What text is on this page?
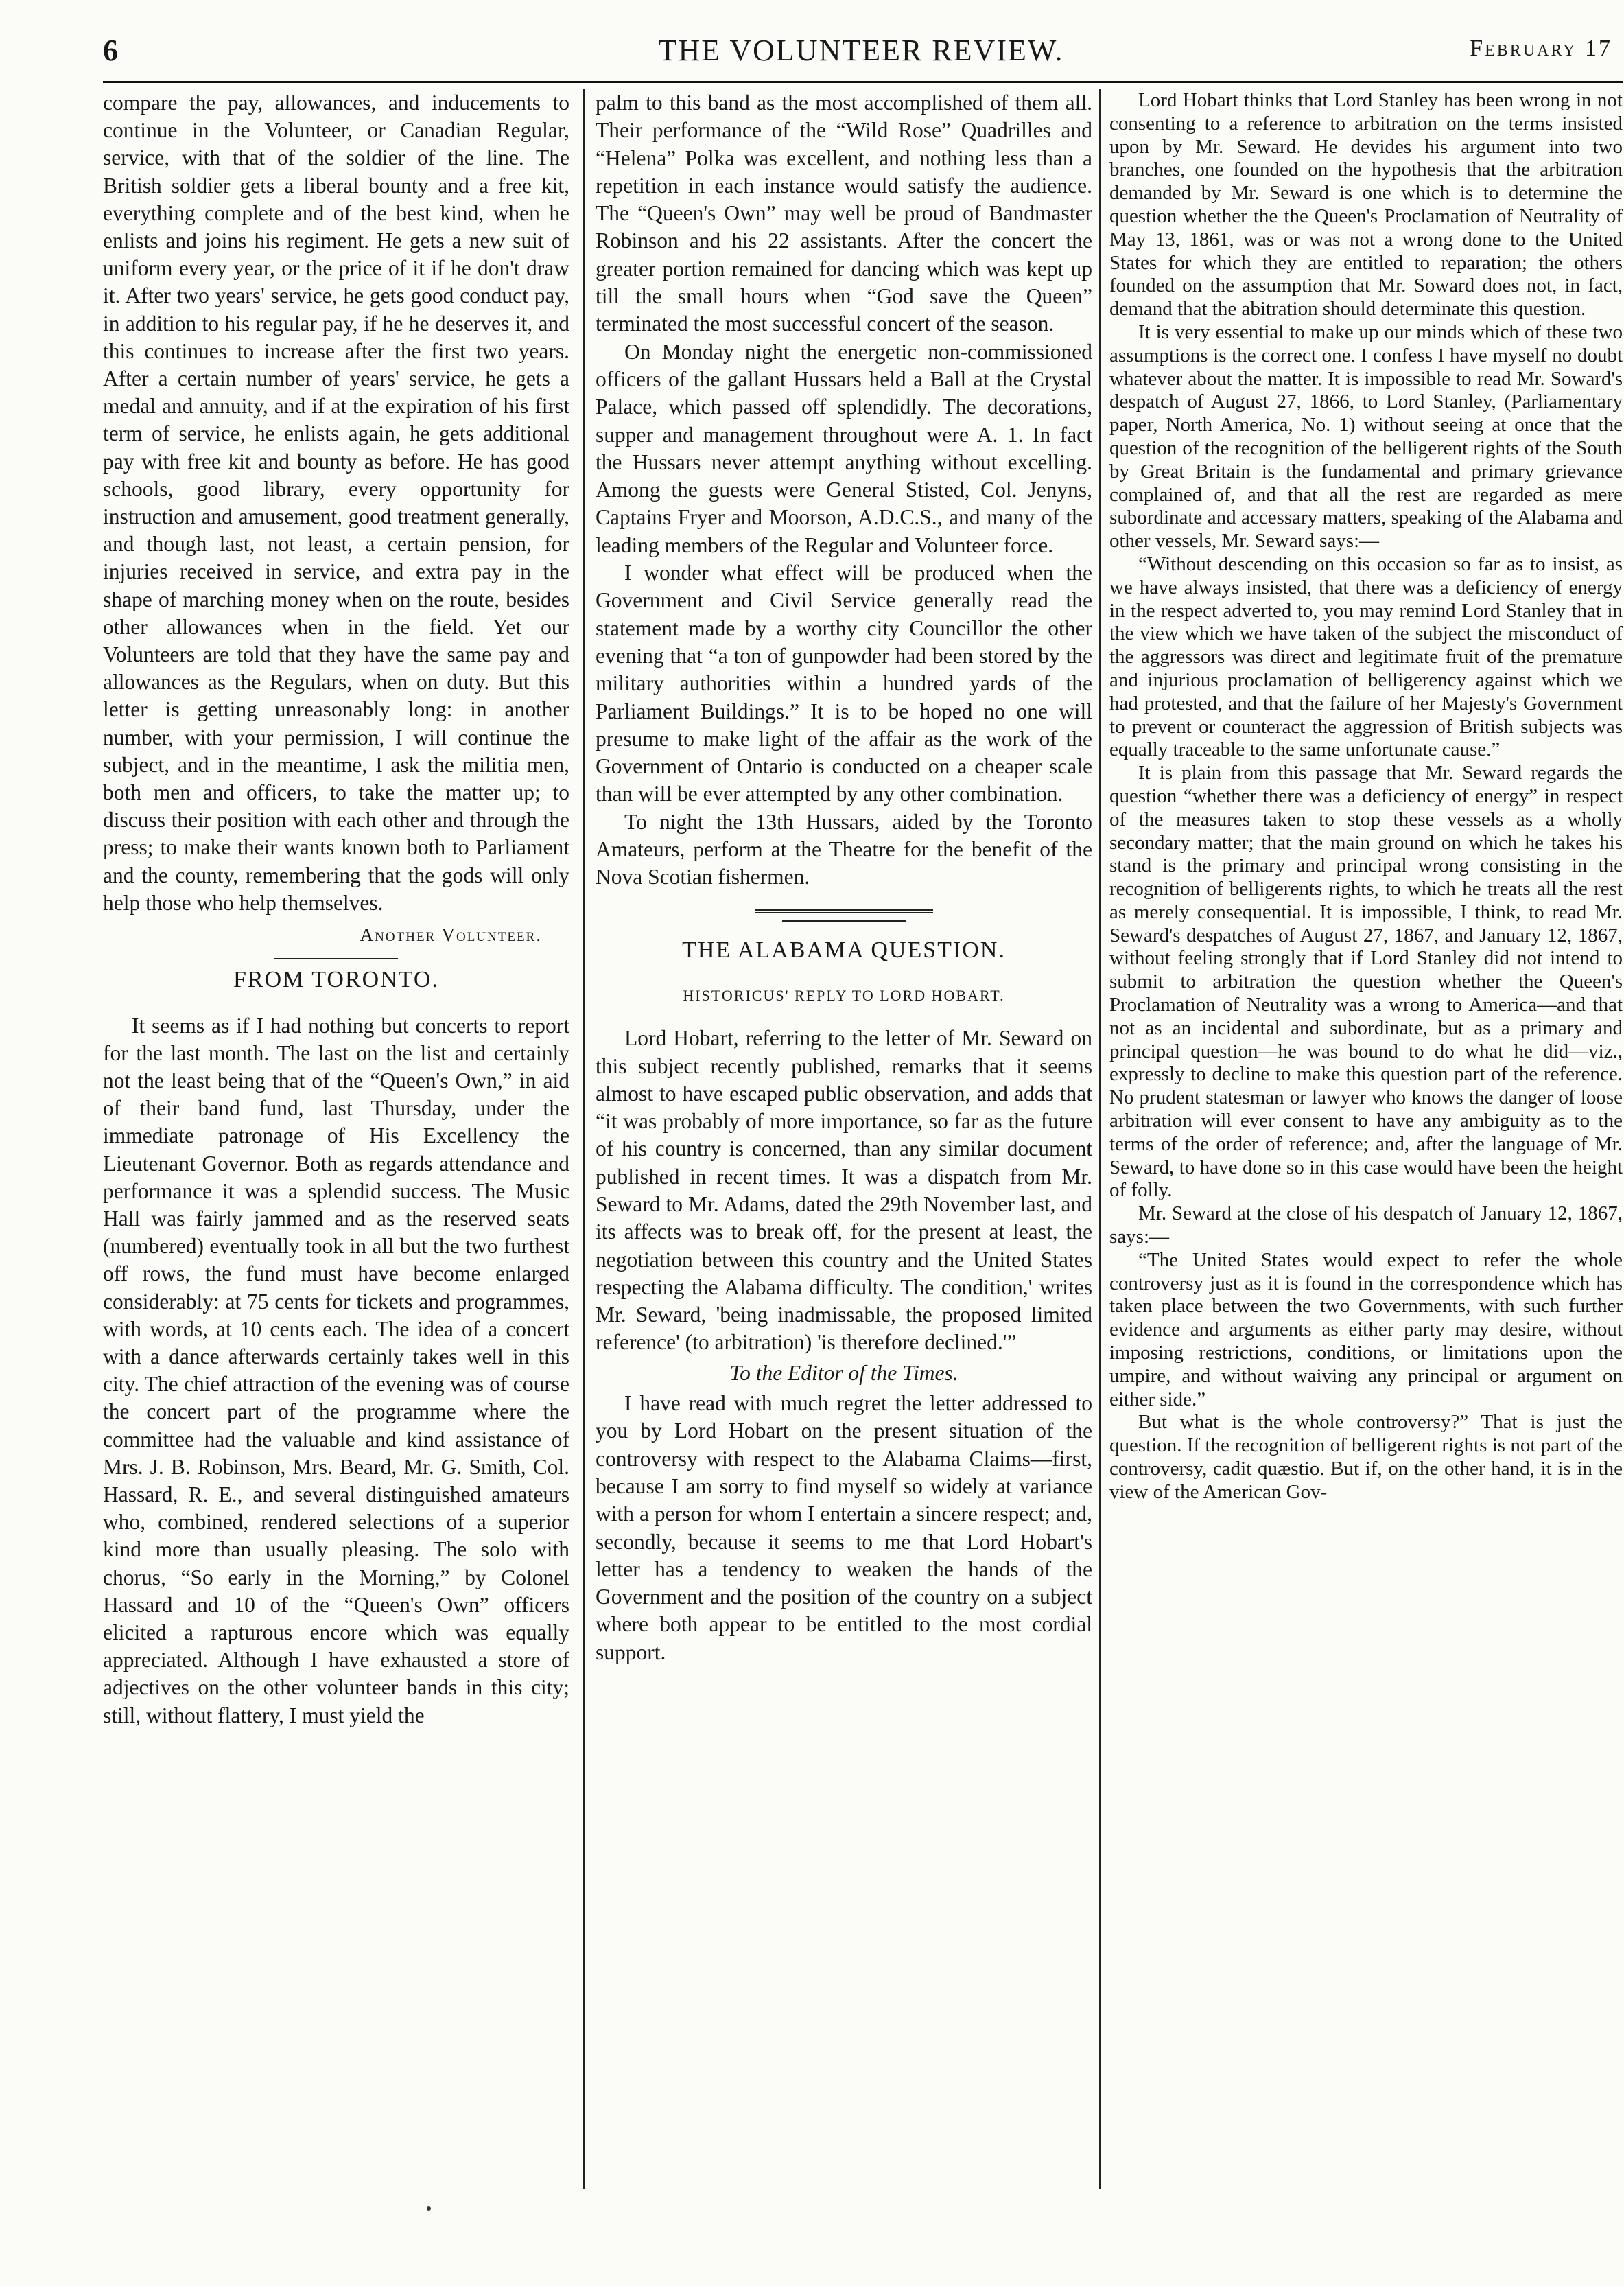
6	THE VOLUNTEER REVIEW.	February 17

compare the pay, allowances, and inducements to continue in the Volunteer, or Canadian Regular, service, with that of the soldier of the line. The British soldier gets a liberal bounty and a free kit, everything complete and of the best kind, when he enlists and joins his regiment. He gets a new suit of uniform every year, or the price of it if he don't draw it. After two years' service, he gets good conduct pay, in addition to his regular pay, if he he deserves it, and this continues to increase after the first two years. After a certain number of years' service, he gets a medal and annuity, and if at the expiration of his first term of service, he enlists again, he gets additional pay with free kit and bounty as before. He has good schools, good library, every opportunity for instruction and amusement, good treatment generally, and though last, not least, a certain pension, for injuries received in service, and extra pay in the shape of marching money when on the route, besides other allowances when in the field. Yet our Volunteers are told that they have the same pay and allowances as the Regulars, when on duty. But this letter is getting unreasonably long: in another number, with your permission, I will continue the subject, and in the meantime, I ask the militia men, both men and officers, to take the matter up; to discuss their position with each other and through the press; to make their wants known both to Parliament and the county, remembering that the gods will only help those who help themselves.

Another Volunteer.
FROM TORONTO.

It seems as if I had nothing but concerts to report for the last month. The last on the list and certainly not the least being that of the “Queen's Own,” in aid of their band fund, last Thursday, under the immediate patronage of His Excellency the Lieutenant Governor. Both as regards attendance and performance it was a splendid success. The Music Hall was fairly jammed and as the reserved seats (numbered) eventually took in all but the two furthest off rows, the fund must have become enlarged considerably: at 75 cents for tickets and programmes, with words, at 10 cents each. The idea of a concert with a dance afterwards certainly takes well in this city. The chief attraction of the evening was of course the concert part of the programme where the committee had the valuable and kind assistance of Mrs. J. B. Robinson, Mrs. Beard, Mr. G. Smith, Col. Hassard, R. E., and several distinguished amateurs who, combined, rendered selections of a superior kind more than usually pleasing. The solo with chorus, “So early in the Morning,” by Colonel Hassard and 10 of the “Queen's Own” officers elicited a rapturous encore which was equally appreciated. Although I have exhausted a store of adjectives on the other volunteer bands in this city; still, without flattery, I must yield the

palm to this band as the most accomplished of them all. Their performance of the “Wild Rose” Quadrilles and “Helena” Polka was excellent, and nothing less than a repetition in each instance would satisfy the audience. The “Queen's Own” may well be proud of Bandmaster Robinson and his 22 assistants. After the concert the greater portion remained for dancing which was kept up till the small hours when “God save the Queen” terminated the most successful concert of the season.

On Monday night the energetic non-commissioned officers of the gallant Hussars held a Ball at the Crystal Palace, which passed off splendidly. The decorations, supper and management throughout were A. 1. In fact the Hussars never attempt anything without excelling. Among the guests were General Stisted, Col. Jenyns, Captains Fryer and Moorson, A.D.C.S., and many of the leading members of the Regular and Volunteer force.

I wonder what effect will be produced when the Government and Civil Service generally read the statement made by a worthy city Councillor the other evening that “a ton of gunpowder had been stored by the military authorities within a hundred yards of the Parliament Buildings.” It is to be hoped no one will presume to make light of the affair as the work of the Government of Ontario is conducted on a cheaper scale than will be ever attempted by any other combination.

To night the 13th Hussars, aided by the Toronto Amateurs, perform at the Theatre for the benefit of the Nova Scotian fishermen.

THE ALABAMA QUESTION.
HISTORICUS' REPLY TO LORD HOBART.

Lord Hobart, referring to the letter of Mr. Seward on this subject recently published, remarks that it seems almost to have escaped public observation, and adds that “it was probably of more importance, so far as the future of his country is concerned, than any similar document published in recent times. It was a dispatch from Mr. Seward to Mr. Adams, dated the 29th November last, and its affects was to break off, for the present at least, the negotiation between this country and the United States respecting the Alabama difficulty. The condition,' writes Mr. Seward, 'being inadmissable, the proposed limited reference' (to arbitration) 'is therefore declined.'”

To the Editor of the Times.

I have read with much regret the letter addressed to you by Lord Hobart on the present situation of the controversy with respect to the Alabama Claims—first, because I am sorry to find myself so widely at variance with a person for whom I entertain a sincere respect; and, secondly, because it seems to me that Lord Hobart's letter has a tendency to weaken the hands of the Government and the position of the country on a subject where both appear to be entitled to the most cordial support.

Lord Hobart thinks that Lord Stanley has been wrong in not consenting to a reference to arbitration on the terms insisted upon by Mr. Seward. He devides his argument into two branches, one founded on the hypothesis that the arbitration demanded by Mr. Seward is one which is to determine the question whether the the Queen's Proclamation of Neutrality of May 13, 1861, was or was not a wrong done to the United States for which they are entitled to reparation; the others founded on the assumption that Mr. Soward does not, in fact, demand that the abitration should determinate this question.

It is very essential to make up our minds which of these two assumptions is the correct one. I confess I have myself no doubt whatever about the matter. It is impossible to read Mr. Soward's despatch of August 27, 1866, to Lord Stanley, (Parliamentary paper, North America, No. 1) without seeing at once that the question of the recognition of the belligerent rights of the South by Great Britain is the fundamental and primary grievance complained of, and that all the rest are regarded as mere subordinate and accessary matters, speaking of the Alabama and other vessels, Mr. Seward says:—

“Without descending on this occasion so far as to insist, as we have always insisted, that there was a deficiency of energy in the respect adverted to, you may remind Lord Stanley that in the view which we have taken of the subject the misconduct of the aggressors was direct and legitimate fruit of the premature and injurious proclamation of belligerency against which we had protested, and that the failure of her Majesty's Government to prevent or counteract the aggression of British subjects was equally traceable to the same unfortunate cause.”

It is plain from this passage that Mr. Seward regards the question “whether there was a deficiency of energy” in respect of the measures taken to stop these vessels as a wholly secondary matter; that the main ground on which he takes his stand is the primary and principal wrong consisting in the recognition of belligerents rights, to which he treats all the rest as merely consequential. It is impossible, I think, to read Mr. Seward's despatches of August 27, 1867, and January 12, 1867, without feeling strongly that if Lord Stanley did not intend to submit to arbitration the question whether the Queen's Proclamation of Neutrality was a wrong to America—and that not as an incidental and subordinate, but as a primary and principal question—he was bound to do what he did—viz., expressly to decline to make this question part of the reference. No prudent statesman or lawyer who knows the danger of loose arbitration will ever consent to have any ambiguity as to the terms of the order of reference; and, after the language of Mr. Seward, to have done so in this case would have been the height of folly.

Mr. Seward at the close of his despatch of January 12, 1867, says:—

“The United States would expect to refer the whole controversy just as it is found in the correspondence which has taken place between the two Governments, with such further evidence and arguments as either party may desire, without imposing restrictions, conditions, or limitations upon the umpire, and without waiving any principal or argument on either side.”

But what is the whole controversy?” That is just the question. If the recognition of belligerent rights is not part of the controversy, cadit quæstio. But if, on the other hand, it is in the view of the American Gov-
